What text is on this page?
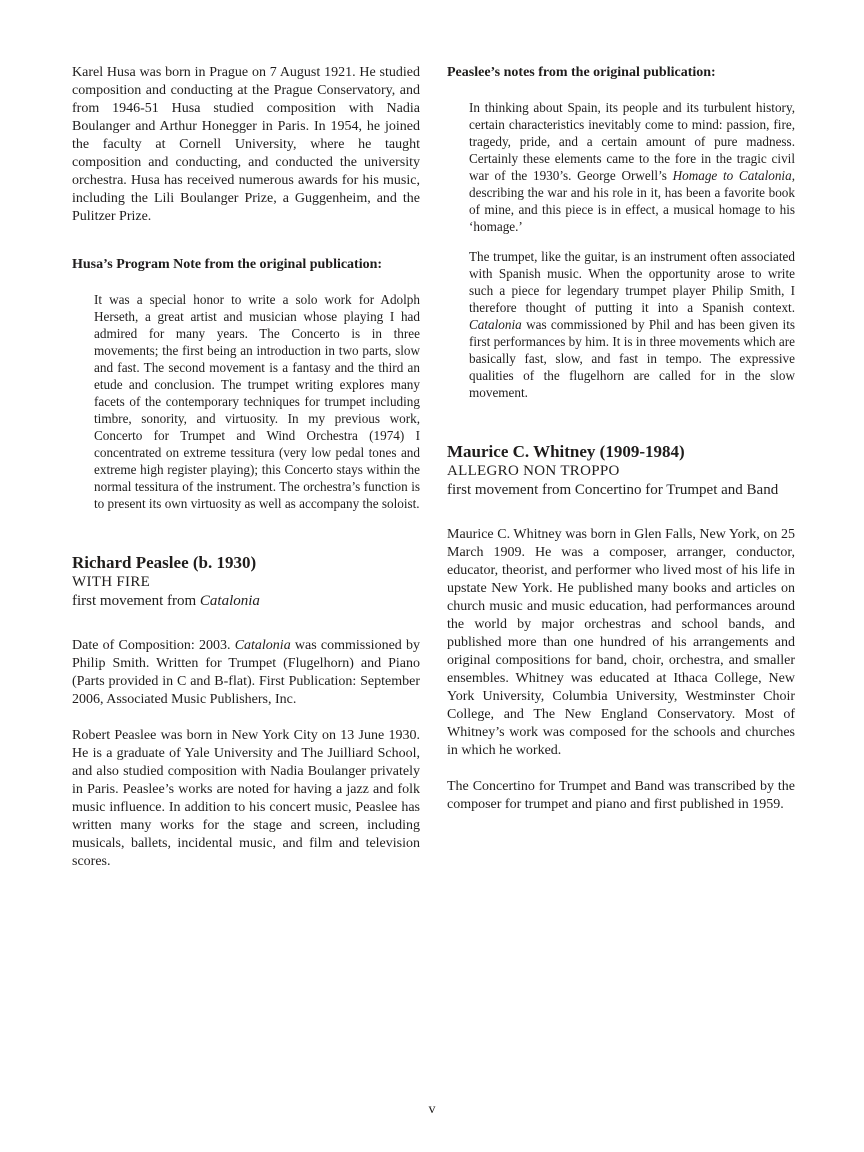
Karel Husa was born in Prague on 7 August 1921. He studied composition and conducting at the Prague Conservatory, and from 1946-51 Husa studied composition with Nadia Boulanger and Arthur Honegger in Paris. In 1954, he joined the faculty at Cornell University, where he taught composition and conducting, and conducted the university orchestra. Husa has received numerous awards for his music, including the Lili Boulanger Prize, a Guggenheim, and the Pulitzer Prize.

Husa’s Program Note from the original publication:
It was a special honor to write a solo work for Adolph Herseth, a great artist and musician whose playing I had admired for many years. The Concerto is in three movements; the first being an introduction in two parts, slow and fast. The second movement is a fantasy and the third an etude and conclusion. The trumpet writing explores many facets of the contemporary techniques for trumpet including timbre, sonority, and virtuosity. In my previous work, Concerto for Trumpet and Wind Orchestra (1974) I concentrated on extreme tessitura (very low pedal tones and extreme high register playing); this Concerto stays within the normal tessitura of the instrument. The orchestra’s function is to present its own virtuosity as well as accompany the soloist.
Richard Peaslee (b. 1930)
WITH FIRE
first movement from Catalonia

Date of Composition: 2003. Catalonia was commissioned by Philip Smith. Written for Trumpet (Flugelhorn) and Piano (Parts provided in C and B-flat). First Publication: September 2006, Associated Music Publishers, Inc.

Robert Peaslee was born in New York City on 13 June 1930. He is a graduate of Yale University and The Juilliard School, and also studied composition with Nadia Boulanger privately in Paris. Peaslee’s works are noted for having a jazz and folk music influence. In addition to his concert music, Peaslee has written many works for the stage and screen, including musicals, ballets, incidental music, and film and television scores.

Peaslee’s notes from the original publication:
In thinking about Spain, its people and its turbulent history, certain characteristics inevitably come to mind: passion, fire, tragedy, pride, and a certain amount of pure madness. Certainly these elements came to the fore in the tragic civil war of the 1930’s. George Orwell’s Homage to Catalonia, describing the war and his role in it, has been a favorite book of mine, and this piece is in effect, a musical homage to his ‘homage.’
The trumpet, like the guitar, is an instrument often associated with Spanish music. When the opportunity arose to write such a piece for legendary trumpet player Philip Smith, I therefore thought of putting it into a Spanish context. Catalonia was commissioned by Phil and has been given its first performances by him. It is in three movements which are basically fast, slow, and fast in tempo. The expressive qualities of the flugelhorn are called for in the slow movement.
Maurice C. Whitney (1909-1984)
ALLEGRO NON TROPPO
first movement from Concertino for Trumpet and Band

Maurice C. Whitney was born in Glen Falls, New York, on 25 March 1909. He was a composer, arranger, conductor, educator, theorist, and performer who lived most of his life in upstate New York. He published many books and articles on church music and music education, had performances around the world by major orchestras and school bands, and published more than one hundred of his arrangements and original compositions for band, choir, orchestra, and smaller ensembles. Whitney was educated at Ithaca College, New York University, Columbia University, Westminster Choir College, and The New England Conservatory. Most of Whitney’s work was composed for the schools and churches in which he worked.

The Concertino for Trumpet and Band was transcribed by the composer for trumpet and piano and first published in 1959.

v
